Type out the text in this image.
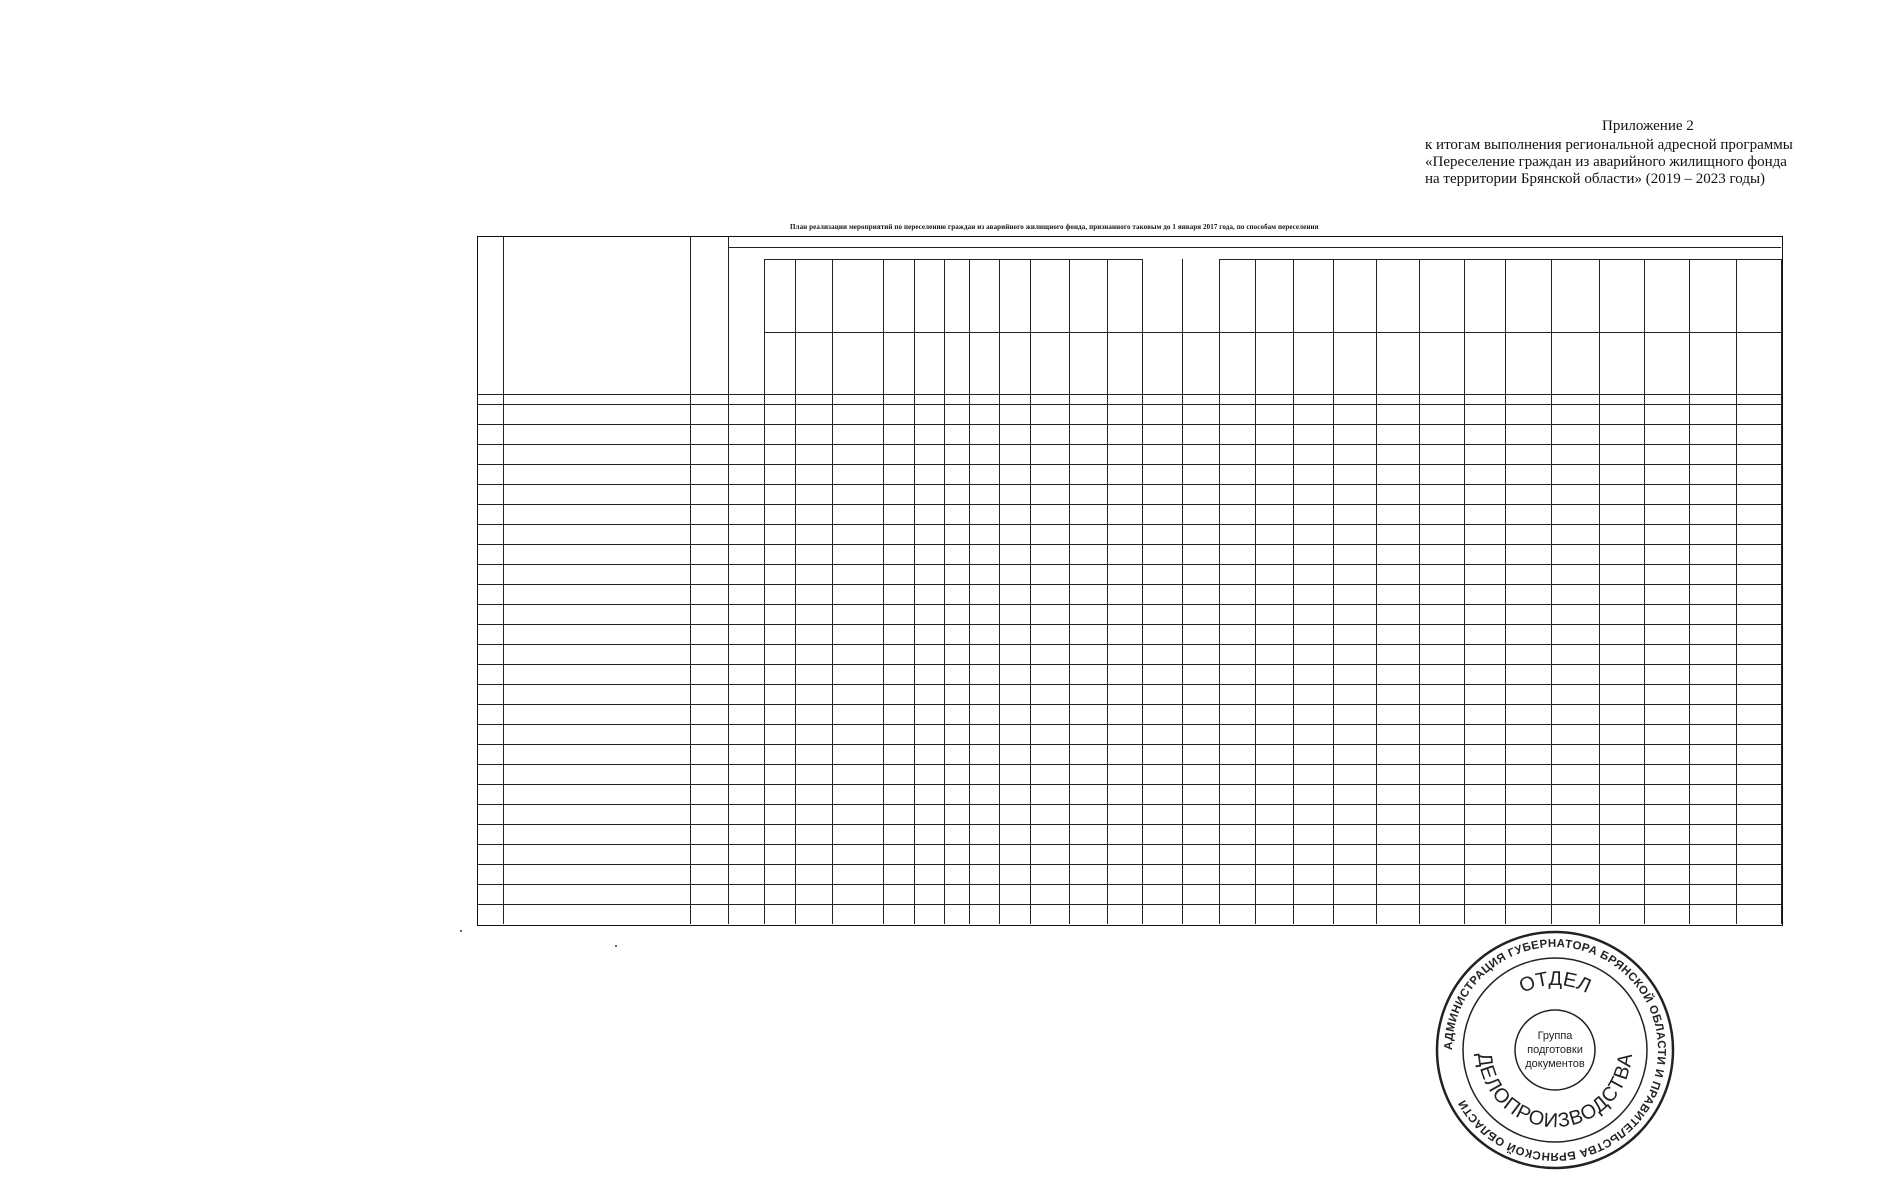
Приложение 2
к итогам выполнения региональной адресной программы
«Переселение граждан из аварийного жилищного фонда
на территории Брянской области» (2019 – 2023 годы)
План реализации мероприятий по переселению граждан из аварийного жилищного фонда, признанного таковым до 1 января 2017 года, по способам переселения
АДМИНИСТРАЦИЯ ГУБЕРНАТОРА БРЯНСКОЙ ОБЛАСТИ И ПРАВИТЕЛЬСТВА БРЯНСКОЙ ОБЛАСТИ
ОТДЕЛ
ДЕЛОПРОИЗВОДСТВА
Группа
подготовки
документов
